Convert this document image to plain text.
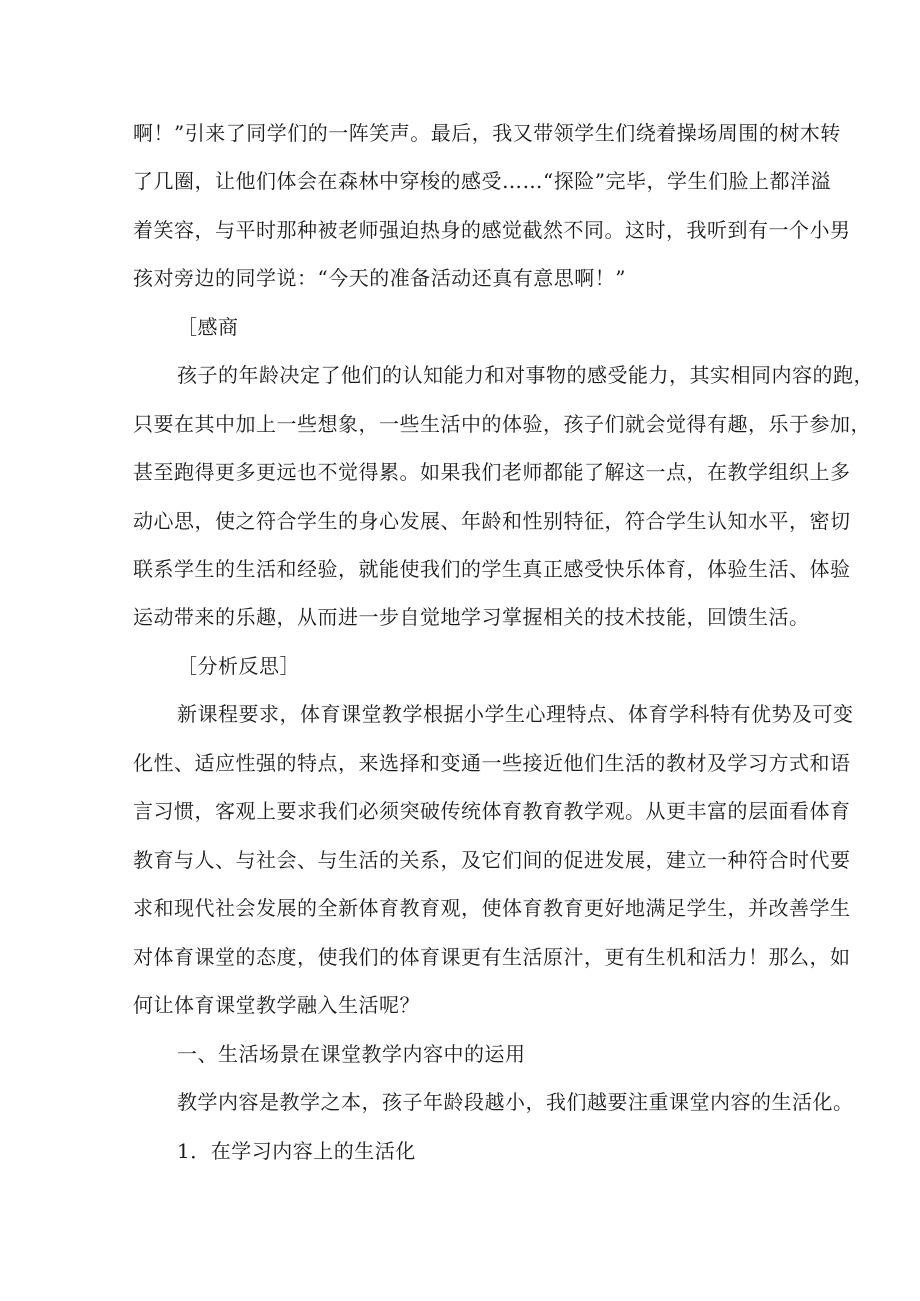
啊！”引来了同学们的一阵笑声。最后，我又带领学生们绕着操场周围的树木转
了几圈，让他们体会在森林中穿梭的感受……“探险”完毕，学生们脸上都洋溢
着笑容，与平时那种被老师强迫热身的感觉截然不同。这时，我听到有一个小男
孩对旁边的同学说：“今天的准备活动还真有意思啊！”
［感商
孩子的年龄决定了他们的认知能力和对事物的感受能力，其实相同内容的跑，
只要在其中加上一些想象，一些生活中的体验，孩子们就会觉得有趣，乐于参加，
甚至跑得更多更远也不觉得累。如果我们老师都能了解这一点，在教学组织上多
动心思，使之符合学生的身心发展、年龄和性别特征，符合学生认知水平，密切
联系学生的生活和经验，就能使我们的学生真正感受快乐体育，体验生活、体验
运动带来的乐趣，从而进一步自觉地学习掌握相关的技术技能，回馈生活。
［分析反思］
新课程要求，体育课堂教学根据小学生心理特点、体育学科特有优势及可变
化性、适应性强的特点，来选择和变通一些接近他们生活的教材及学习方式和语
言习惯，客观上要求我们必须突破传统体育教育教学观。从更丰富的层面看体育
教育与人、与社会、与生活的关系，及它们间的促进发展，建立一种符合时代要
求和现代社会发展的全新体育教育观，使体育教育更好地满足学生，并改善学生
对体育课堂的态度，使我们的体育课更有生活原汁，更有生机和活力！那么，如
何让体育课堂教学融入生活呢？
一、生活场景在课堂教学内容中的运用
教学内容是教学之本，孩子年龄段越小，我们越要注重课堂内容的生活化。
1．在学习内容上的生活化
